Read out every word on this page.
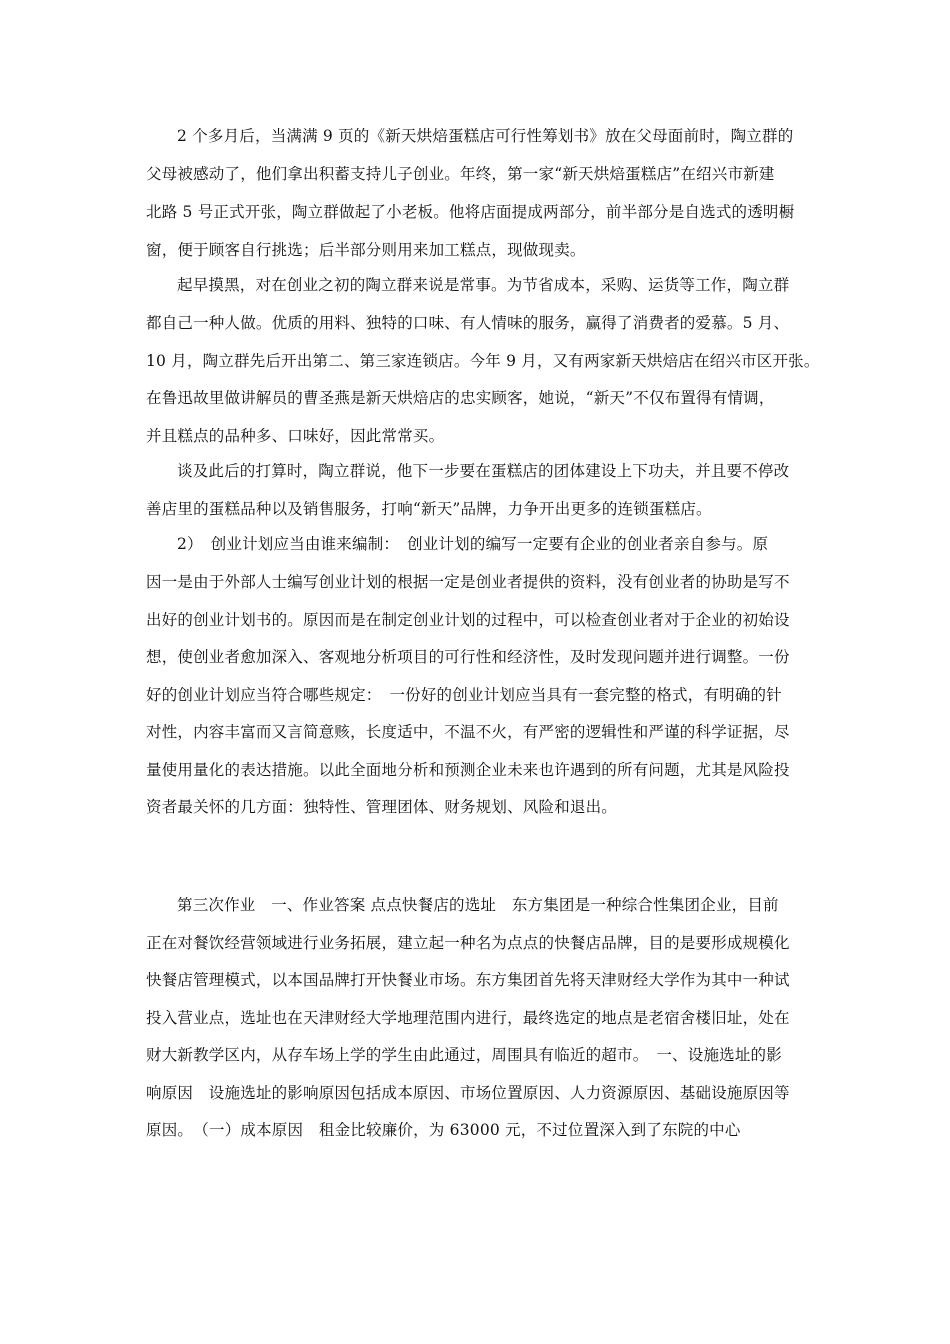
2 个多月后，当满满 9 页的《新天烘焙蛋糕店可行性筹划书》放在父母面前时，陶立群的
父母被感动了，他们拿出积蓄支持儿子创业。年终，第一家“新天烘焙蛋糕店”在绍兴市新建
北路 5 号正式开张，陶立群做起了小老板。他将店面提成两部分，前半部分是自选式的透明橱
窗，便于顾客自行挑选；后半部分则用来加工糕点，现做现卖。
起早摸黑，对在创业之初的陶立群来说是常事。为节省成本，采购、运货等工作，陶立群
都自己一种人做。优质的用料、独特的口味、有人情味的服务，赢得了消费者的爱慕。5 月、
10 月，陶立群先后开出第二、第三家连锁店。今年 9 月，又有两家新天烘焙店在绍兴市区开张。
在鲁迅故里做讲解员的曹圣燕是新天烘焙店的忠实顾客，她说，“新天”不仅布置得有情调，
并且糕点的品种多、口味好，因此常常买。
谈及此后的打算时，陶立群说，他下一步要在蛋糕店的团体建设上下功夫，并且要不停改
善店里的蛋糕品种以及销售服务，打响“新天”品牌，力争开出更多的连锁蛋糕店。
2）　创业计划应当由谁来编制：　创业计划的编写一定要有企业的创业者亲自参与。原
因一是由于外部人士编写创业计划的根据一定是创业者提供的资料，没有创业者的协助是写不
出好的创业计划书的。原因而是在制定创业计划的过程中，可以检查创业者对于企业的初始设
想，使创业者愈加深入、客观地分析项目的可行性和经济性，及时发现问题并进行调整。一份
好的创业计划应当符合哪些规定：　一份好的创业计划应当具有一套完整的格式，有明确的针
对性，内容丰富而又言简意赅，长度适中，不温不火，有严密的逻辑性和严谨的科学证据，尽
量使用量化的表达措施。以此全面地分析和预测企业未来也许遇到的所有问题，尤其是风险投
资者最关怀的几方面：独特性、管理团体、财务规划、风险和退出。
第三次作业　一、作业答案 点点快餐店的选址　东方集团是一种综合性集团企业，目前
正在对餐饮经营领域进行业务拓展，建立起一种名为点点的快餐店品牌，目的是要形成规模化
快餐店管理模式，以本国品牌打开快餐业市场。东方集团首先将天津财经大学作为其中一种试
投入营业点，选址也在天津财经大学地理范围内进行，最终选定的地点是老宿舍楼旧址，处在
财大新教学区内，从存车场上学的学生由此通过，周围具有临近的超市。　一、设施选址的影
响原因　设施选址的影响原因包括成本原因、市场位置原因、人力资源原因、基础设施原因等
原因。　（一）成本原因　租金比较廉价，为 63000 元，不过位置深入到了东院的中心
